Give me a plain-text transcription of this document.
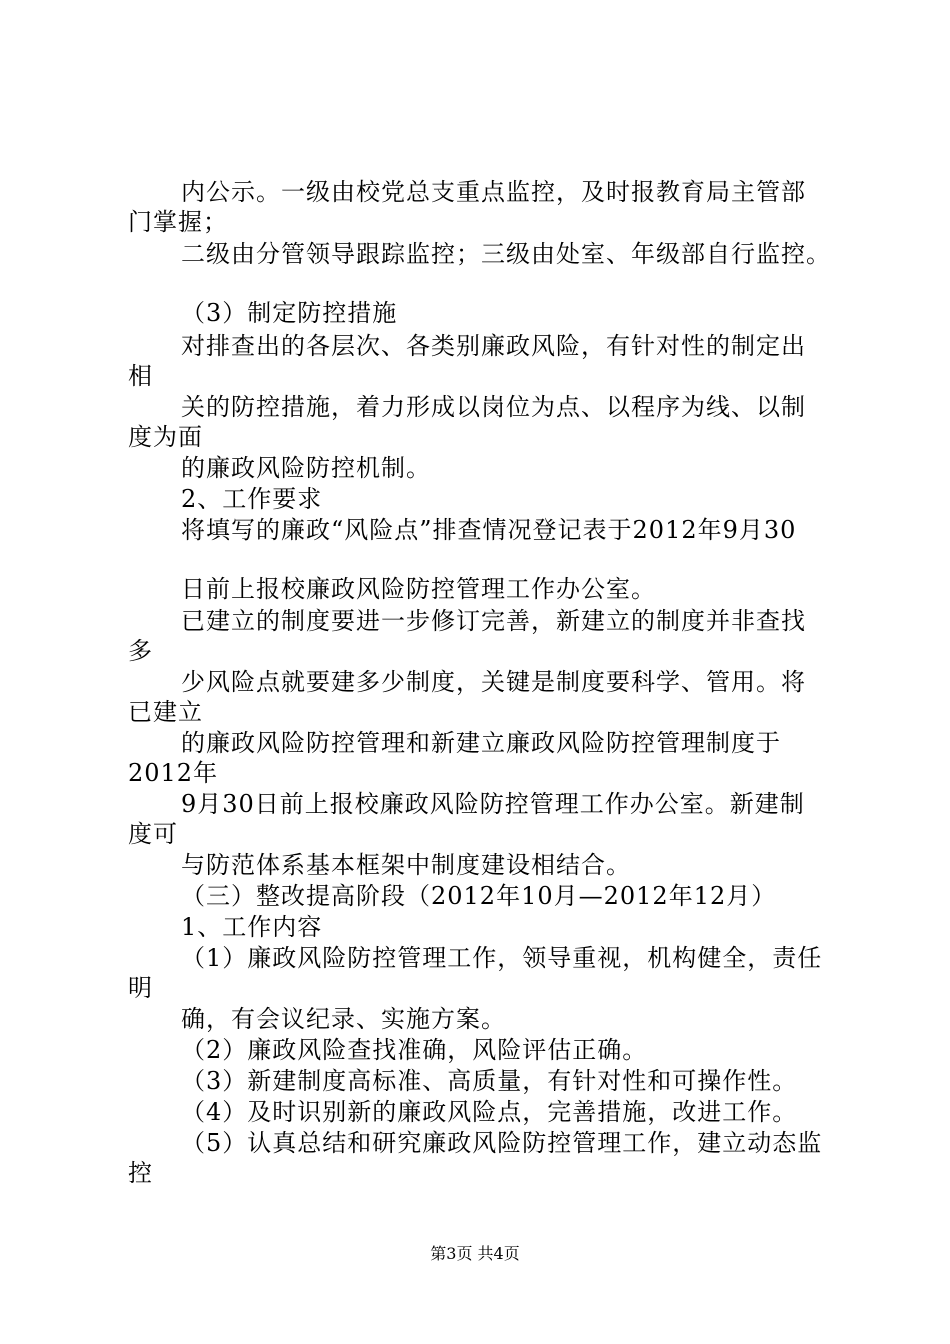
内公示。一级由校党总支重点监控，及时报教育局主管部
门掌握；
二级由分管领导跟踪监控；三级由处室、年级部自行监控。
（3）制定防控措施
对排查出的各层次、各类别廉政风险，有针对性的制定出
相
关的防控措施，着力形成以岗位为点、以程序为线、以制
度为面
的廉政风险防控机制。
2、工作要求
将填写的廉政“风险点”排查情况登记表于2012年9月30
日前上报校廉政风险防控管理工作办公室。
已建立的制度要进一步修订完善，新建立的制度并非查找
多
少风险点就要建多少制度，关键是制度要科学、管用。将
已建立
的廉政风险防控管理和新建立廉政风险防控管理制度于
2012年
9月30日前上报校廉政风险防控管理工作办公室。新建制
度可
与防范体系基本框架中制度建设相结合。
（三）整改提高阶段（2012年10月—2012年12月）
1、工作内容
（1）廉政风险防控管理工作，领导重视，机构健全，责任
明
确，有会议纪录、实施方案。
（2）廉政风险查找准确，风险评估正确。
（3）新建制度高标准、高质量，有针对性和可操作性。
（4）及时识别新的廉政风险点，完善措施，改进工作。
（5）认真总结和研究廉政风险防控管理工作，建立动态监
控
第3页 共4页
